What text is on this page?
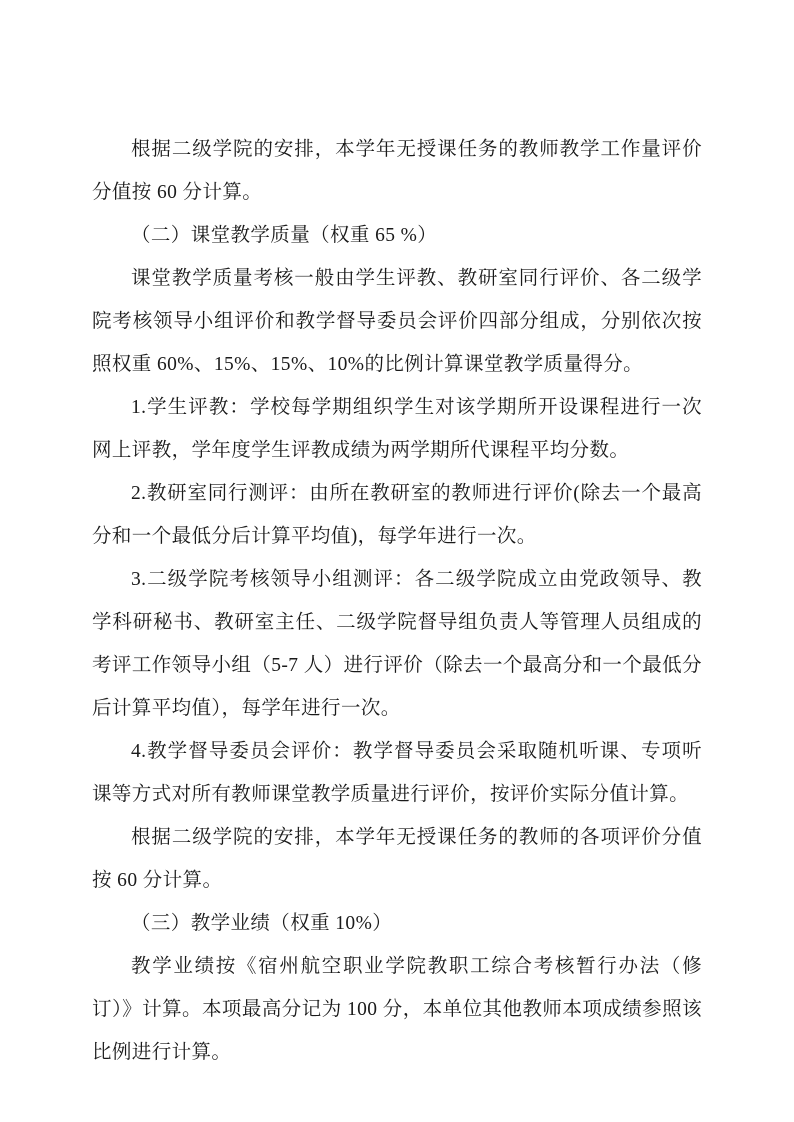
根据二级学院的安排，本学年无授课任务的教师教学工作量评价分值按 60 分计算。

（二）课堂教学质量（权重 65 %）

课堂教学质量考核一般由学生评教、教研室同行评价、各二级学院考核领导小组评价和教学督导委员会评价四部分组成，分别依次按照权重 60%、15%、15%、10%的比例计算课堂教学质量得分。

1.学生评教：学校每学期组织学生对该学期所开设课程进行一次网上评教，学年度学生评教成绩为两学期所代课程平均分数。

2.教研室同行测评：由所在教研室的教师进行评价(除去一个最高分和一个最低分后计算平均值)，每学年进行一次。

3.二级学院考核领导小组测评：各二级学院成立由党政领导、教学科研秘书、教研室主任、二级学院督导组负责人等管理人员组成的考评工作领导小组（5-7 人）进行评价（除去一个最高分和一个最低分后计算平均值），每学年进行一次。

4.教学督导委员会评价：教学督导委员会采取随机听课、专项听课等方式对所有教师课堂教学质量进行评价，按评价实际分值计算。

根据二级学院的安排，本学年无授课任务的教师的各项评价分值按 60 分计算。

（三）教学业绩（权重 10%）

教学业绩按《宿州航空职业学院教职工综合考核暂行办法（修订）》计算。本项最高分记为 100 分，本单位其他教师本项成绩参照该比例进行计算。
